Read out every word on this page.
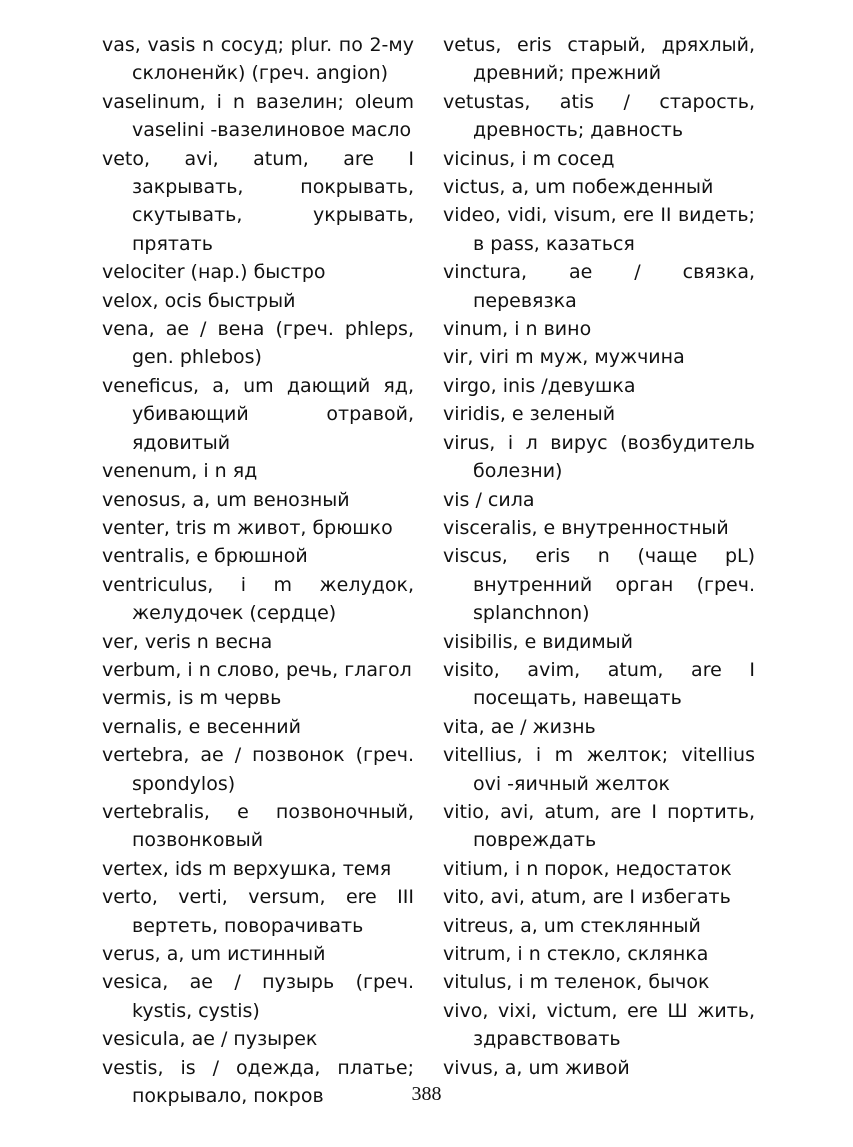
vas, vasis n сосуд; plur. по 2-му склоненйк) (греч. angion)

vaselinum, i n вазелин; oleum vaselini -вазелиновое масло

veto, avi, atum, are I закрывать, покрывать, скутывать, укрывать, прятать

velociter (нар.) быстро

velox, ocis быстрый

vena, ae / вена (греч. phleps, gen. phlebos)

veneficus, a, um дающий яд, убивающий отравой, ядовитый

venenum, i n яд

venosus, a, um венозный

venter, tris m живот, брюшко

ventralis, e брюшной

ventriculus, i m желудок, желудочек (сердце)

ver, veris n весна

verbum, i n слово, речь, глагол

vermis, is m червь

vernalis, e весенний

vertebra, ae / позвонок (греч. spondylos)

vertebralis, e позвоночный, позвонковый

vertex, ids m верхушка, темя

verto, verti, versum, ere III вертеть, поворачивать

verus, a, um истинный

vesica, ae / пузырь (греч. kystis, cystis)

vesicula, ae / пузырек

vestis, is / одежда, платье; покрывало, покров

vetus, eris старый, дряхлый, древний; прежний

vetustas, atis / старость, древность; давность

vicinus, i m сосед

victus, a, um побежденный

video, vidi, visum, ere II видеть; в pass, казаться

vinctura, ae / связка, перевязка

vinum, i n вино

vir, viri m муж, мужчина

virgo, inis /девушка

viridis, e зеленый

virus, i л вирус (возбудитель болезни)

vis / сила

visceralis, e внутренностный

viscus, eris n (чаще pL) внутренний орган (греч. splanchnon)

visibilis, e видимый

visito, avim, atum, are I посещать, навещать

vita, ae / жизнь

vitellius, i m желток; vitellius ovi -яичный желток

vitio, avi, atum, are I портить, повреждать

vitium, i n порок, недостаток

vito, avi, atum, are I избегать

vitreus, a, um стеклянный

vitrum, i n стекло, склянка

vitulus, i m теленок, бычок

vivo, vixi, victum, ere Ш жить, здравствовать

vivus, a, um живой

388
